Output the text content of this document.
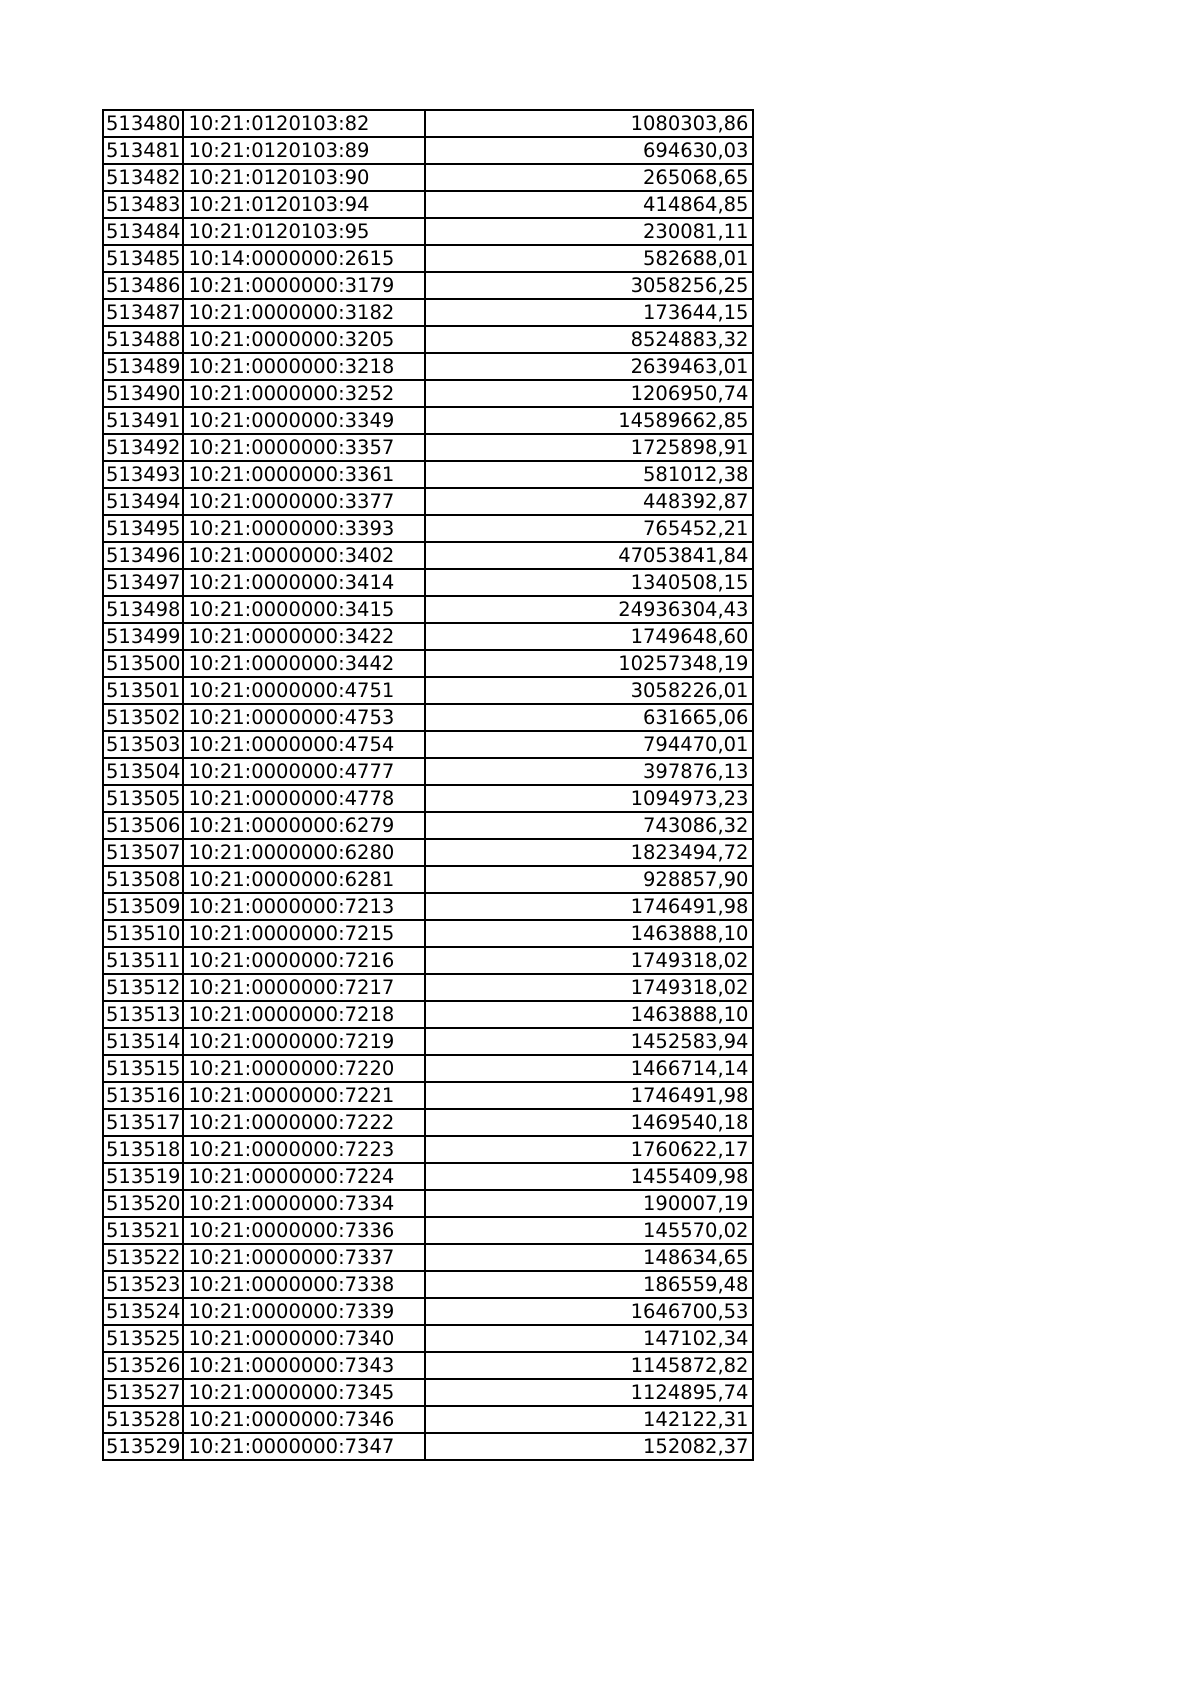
513480	10:21:0120103:82	1080303,86
513481	10:21:0120103:89	694630,03
513482	10:21:0120103:90	265068,65
513483	10:21:0120103:94	414864,85
513484	10:21:0120103:95	230081,11
513485	10:14:0000000:2615	582688,01
513486	10:21:0000000:3179	3058256,25
513487	10:21:0000000:3182	173644,15
513488	10:21:0000000:3205	8524883,32
513489	10:21:0000000:3218	2639463,01
513490	10:21:0000000:3252	1206950,74
513491	10:21:0000000:3349	14589662,85
513492	10:21:0000000:3357	1725898,91
513493	10:21:0000000:3361	581012,38
513494	10:21:0000000:3377	448392,87
513495	10:21:0000000:3393	765452,21
513496	10:21:0000000:3402	47053841,84
513497	10:21:0000000:3414	1340508,15
513498	10:21:0000000:3415	24936304,43
513499	10:21:0000000:3422	1749648,60
513500	10:21:0000000:3442	10257348,19
513501	10:21:0000000:4751	3058226,01
513502	10:21:0000000:4753	631665,06
513503	10:21:0000000:4754	794470,01
513504	10:21:0000000:4777	397876,13
513505	10:21:0000000:4778	1094973,23
513506	10:21:0000000:6279	743086,32
513507	10:21:0000000:6280	1823494,72
513508	10:21:0000000:6281	928857,90
513509	10:21:0000000:7213	1746491,98
513510	10:21:0000000:7215	1463888,10
513511	10:21:0000000:7216	1749318,02
513512	10:21:0000000:7217	1749318,02
513513	10:21:0000000:7218	1463888,10
513514	10:21:0000000:7219	1452583,94
513515	10:21:0000000:7220	1466714,14
513516	10:21:0000000:7221	1746491,98
513517	10:21:0000000:7222	1469540,18
513518	10:21:0000000:7223	1760622,17
513519	10:21:0000000:7224	1455409,98
513520	10:21:0000000:7334	190007,19
513521	10:21:0000000:7336	145570,02
513522	10:21:0000000:7337	148634,65
513523	10:21:0000000:7338	186559,48
513524	10:21:0000000:7339	1646700,53
513525	10:21:0000000:7340	147102,34
513526	10:21:0000000:7343	1145872,82
513527	10:21:0000000:7345	1124895,74
513528	10:21:0000000:7346	142122,31
513529	10:21:0000000:7347	152082,37
